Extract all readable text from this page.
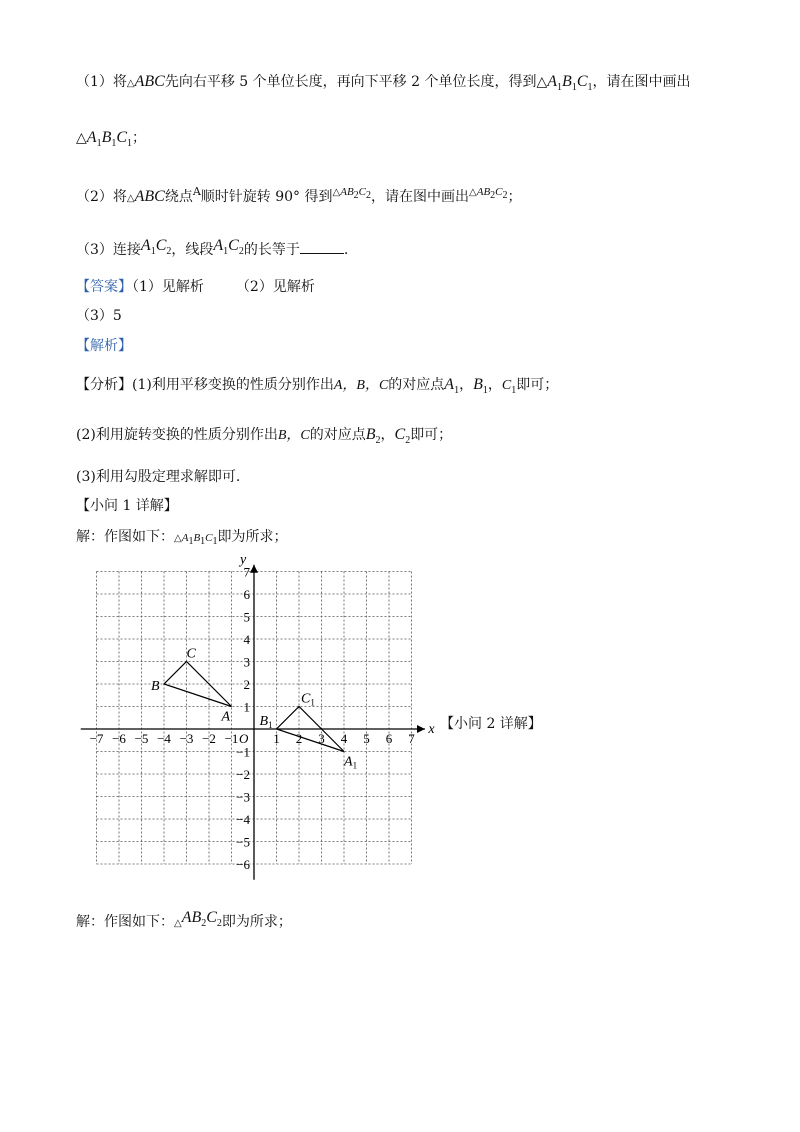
（1）将△ABC先向右平移 5 个单位长度，再向下平移 2 个单位长度，得到$\triangle A_1B_1C_1$，请在图中画出
$\triangle A_1B_1C_1$；
（2）将△ABC绕点$^A$顺时针旋转 90° 得到$^{\triangle AB_2C_2}$，请在图中画出$^{\triangle AB_2C_2}$；
（3）连接$A_1C_2$，线段$A_1C_2$的长等于	.
【答案】（1）见解析 （2）见解析
（3）5
【解析】
【分析】(1)利用平移变换的性质分别作出A，B，C的对应点$A_1$，$B_1$，$C_1$即可；
(2)利用旋转变换的性质分别作出B，C的对应点$B_2$，$C_2$即可；
(3)利用勾股定理求解即可.
【小问 1 详解】
解：作图如下：$\triangle A_1B_1C_1$即为所求；
x
y
−7 −6 −5 −4 −3 −2 −1	1 2 3 4 5 6 7
7
6
5
4
3
2
1
−1
−2
−3
−4
−5
−6
O
A
B
C
$A_1$
$B_1$
$C_1$
【小问 2 详解】
解：作图如下：$\triangle AB_2C_2$即为所求；
